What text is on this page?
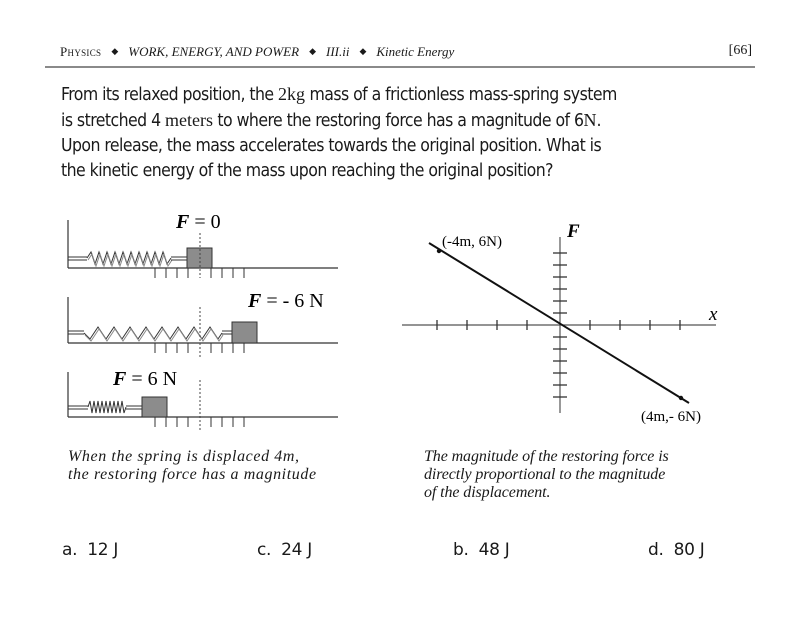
Physics ◆ WORK, ENERGY, AND POWER ◆ III.ii ◆ Kinetic Energy	[66]
From its relaxed position, the 2kg mass of a frictionless mass-spring system
is stretched 4 meters to where the restoring force has a magnitude of 6N.
Upon release, the mass accelerates towards the original position. What is
the kinetic energy of the mass upon reaching the original position?
F = 0
F = - 6 N
F = 6 N
F
x
(-4m, 6N)
(4m,- 6N)
When the spring is displaced 4m,
the restoring force has a magnitude
The magnitude of the restoring force is
directly proportional to the magnitude
of the displacement.
a. 12 J	c. 24 J	b. 48 J	d. 80 J
